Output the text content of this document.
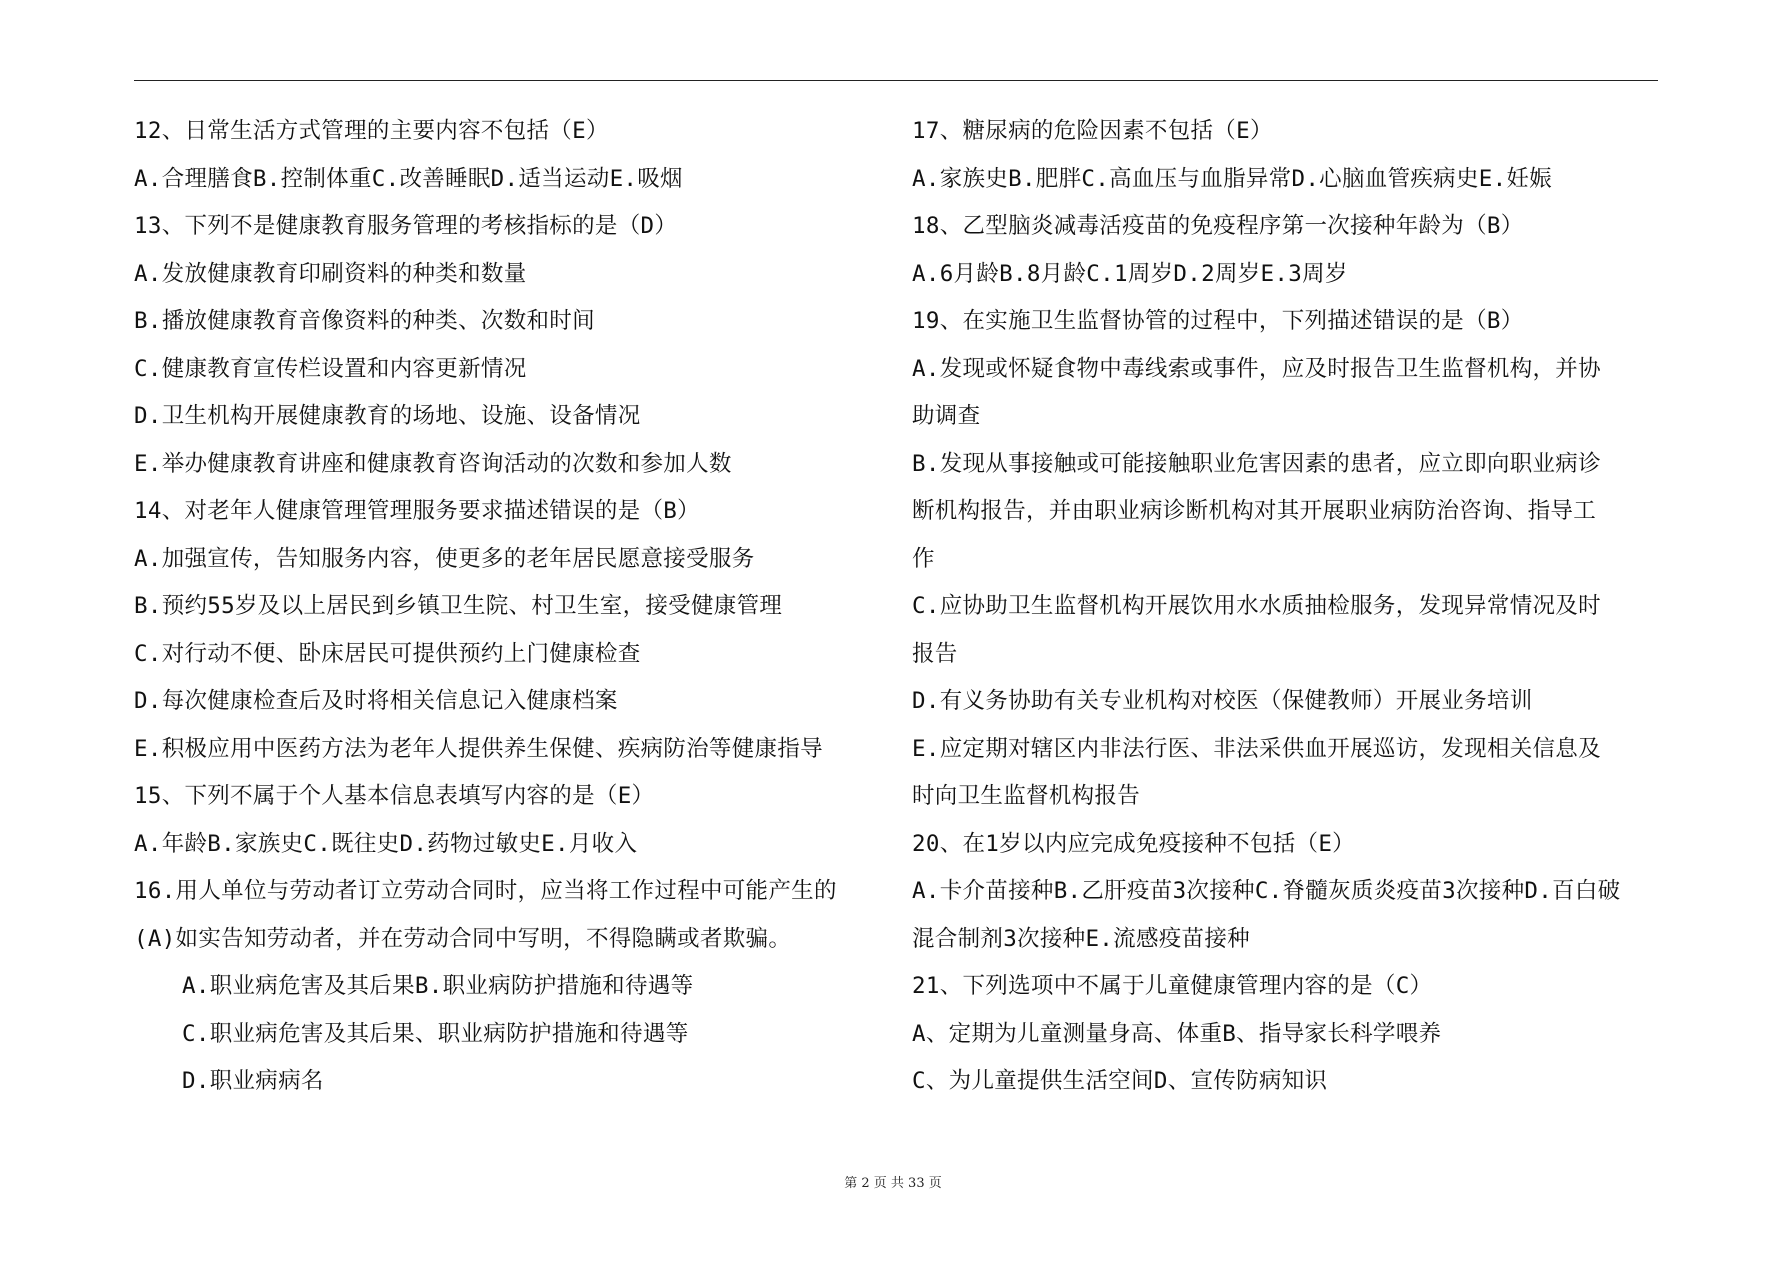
12、日常生活方式管理的主要内容不包括（E）
A.合理膳食B.控制体重C.改善睡眠D.适当运动E.吸烟
13、下列不是健康教育服务管理的考核指标的是（D）
A.发放健康教育印刷资料的种类和数量
B.播放健康教育音像资料的种类、次数和时间
C.健康教育宣传栏设置和内容更新情况
D.卫生机构开展健康教育的场地、设施、设备情况
E.举办健康教育讲座和健康教育咨询活动的次数和参加人数
14、对老年人健康管理管理服务要求描述错误的是（B）
A.加强宣传，告知服务内容，使更多的老年居民愿意接受服务
B.预约55岁及以上居民到乡镇卫生院、村卫生室，接受健康管理
C.对行动不便、卧床居民可提供预约上门健康检查
D.每次健康检查后及时将相关信息记入健康档案
E.积极应用中医药方法为老年人提供养生保健、疾病防治等健康指导
15、下列不属于个人基本信息表填写内容的是（E）
A.年龄B.家族史C.既往史D.药物过敏史E.月收入
16.用人单位与劳动者订立劳动合同时，应当将工作过程中可能产生的
(A)如实告知劳动者，并在劳动合同中写明，不得隐瞒或者欺骗。
A.职业病危害及其后果B.职业病防护措施和待遇等
C.职业病危害及其后果、职业病防护措施和待遇等
D.职业病病名
17、糖尿病的危险因素不包括（E）
A.家族史B.肥胖C.高血压与血脂异常D.心脑血管疾病史E.妊娠
18、乙型脑炎减毒活疫苗的免疫程序第一次接种年龄为（B）
A.6月龄B.8月龄C.1周岁D.2周岁E.3周岁
19、在实施卫生监督协管的过程中，下列描述错误的是（B）
A.发现或怀疑食物中毒线索或事件，应及时报告卫生监督机构，并协
助调查
B.发现从事接触或可能接触职业危害因素的患者，应立即向职业病诊
断机构报告，并由职业病诊断机构对其开展职业病防治咨询、指导工
作
C.应协助卫生监督机构开展饮用水水质抽检服务，发现异常情况及时
报告
D.有义务协助有关专业机构对校医（保健教师）开展业务培训
E.应定期对辖区内非法行医、非法采供血开展巡访，发现相关信息及
时向卫生监督机构报告
20、在1岁以内应完成免疫接种不包括（E）
A.卡介苗接种B.乙肝疫苗3次接种C.脊髓灰质炎疫苗3次接种D.百白破
混合制剂3次接种E.流感疫苗接种
21、下列选项中不属于儿童健康管理内容的是（C）
A、定期为儿童测量身高、体重B、指导家长科学喂养
C、为儿童提供生活空间D、宣传防病知识
第 2 页 共 33 页
